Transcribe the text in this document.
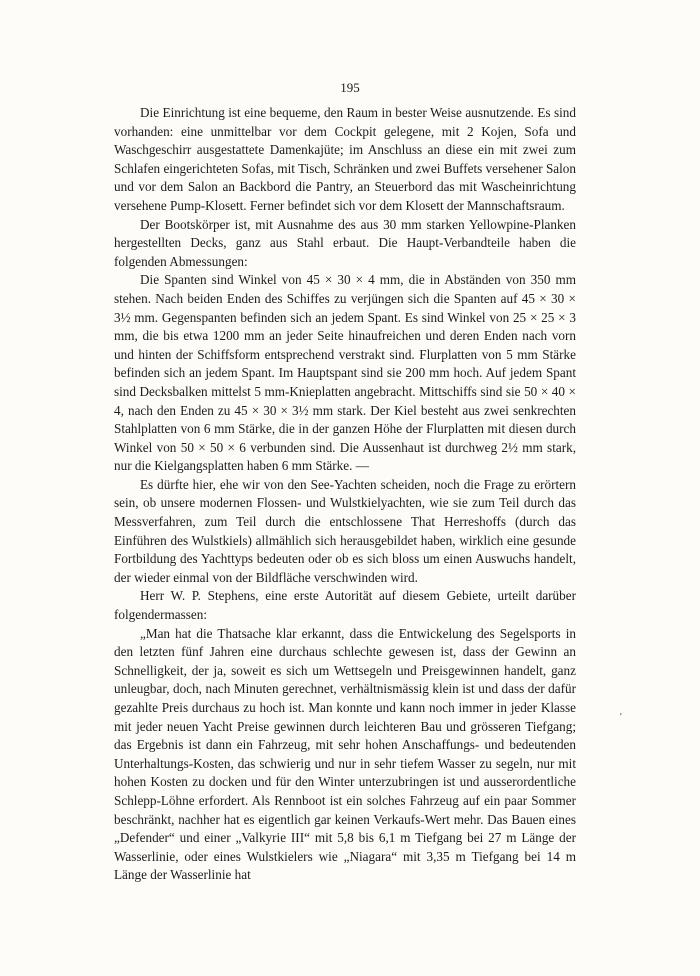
195

Die Einrichtung ist eine bequeme, den Raum in bester Weise ausnutzende. Es sind vorhanden: eine unmittelbar vor dem Cockpit gelegene, mit 2 Kojen, Sofa und Waschgeschirr ausgestattete Damenkajüte; im Anschluss an diese ein mit zwei zum Schlafen eingerichteten Sofas, mit Tisch, Schränken und zwei Buffets versehener Salon und vor dem Salon an Backbord die Pantry, an Steuerbord das mit Wascheinrichtung versehene Pump-Klosett. Ferner befindet sich vor dem Klosett der Mannschaftsraum.

Der Bootskörper ist, mit Ausnahme des aus 30 mm starken Yellowpine-Planken hergestellten Decks, ganz aus Stahl erbaut. Die Haupt-Verbandteile haben die folgenden Abmessungen:

Die Spanten sind Winkel von 45 × 30 × 4 mm, die in Abständen von 350 mm stehen. Nach beiden Enden des Schiffes zu verjüngen sich die Spanten auf 45 × 30 × 3½ mm. Gegenspanten befinden sich an jedem Spant. Es sind Winkel von 25 × 25 × 3 mm, die bis etwa 1200 mm an jeder Seite hinaufreichen und deren Enden nach vorn und hinten der Schiffsform entsprechend verstrakt sind. Flurplatten von 5 mm Stärke befinden sich an jedem Spant. Im Hauptspant sind sie 200 mm hoch. Auf jedem Spant sind Decksbalken mittelst 5 mm-Knieplatten angebracht. Mittschiffs sind sie 50 × 40 × 4, nach den Enden zu 45 × 30 × 3½ mm stark. Der Kiel besteht aus zwei senkrechten Stahlplatten von 6 mm Stärke, die in der ganzen Höhe der Flurplatten mit diesen durch Winkel von 50 × 50 × 6 verbunden sind. Die Aussenhaut ist durchweg 2½ mm stark, nur die Kielgangsplatten haben 6 mm Stärke. —

Es dürfte hier, ehe wir von den See-Yachten scheiden, noch die Frage zu erörtern sein, ob unsere modernen Flossen- und Wulstkielyachten, wie sie zum Teil durch das Messverfahren, zum Teil durch die entschlossene That Herreshoffs (durch das Einführen des Wulstkiels) allmählich sich herausgebildet haben, wirklich eine gesunde Fortbildung des Yachttyps bedeuten oder ob es sich bloss um einen Auswuchs handelt, der wieder einmal von der Bildfläche verschwinden wird.

Herr W. P. Stephens, eine erste Autorität auf diesem Gebiete, urteilt darüber folgendermassen:

„Man hat die Thatsache klar erkannt, dass die Entwickelung des Segelsports in den letzten fünf Jahren eine durchaus schlechte gewesen ist, dass der Gewinn an Schnelligkeit, der ja, soweit es sich um Wettsegeln und Preisgewinnen handelt, ganz unleugbar, doch, nach Minuten gerechnet, verhältnismässig klein ist und dass der dafür gezahlte Preis durchaus zu hoch ist. Man konnte und kann noch immer in jeder Klasse mit jeder neuen Yacht Preise gewinnen durch leichteren Bau und grösseren Tiefgang; das Ergebnis ist dann ein Fahrzeug, mit sehr hohen Anschaffungs- und bedeutenden Unterhaltungs-Kosten, das schwierig und nur in sehr tiefem Wasser zu segeln, nur mit hohen Kosten zu docken und für den Winter unterzubringen ist und ausserordentliche Schlepp-Löhne erfordert. Als Rennboot ist ein solches Fahrzeug auf ein paar Sommer beschränkt, nachher hat es eigentlich gar keinen Verkaufs-Wert mehr. Das Bauen eines „Defender“ und einer „Valkyrie III“ mit 5,8 bis 6,1 m Tiefgang bei 27 m Länge der Wasserlinie, oder eines Wulstkielers wie „Niagara“ mit 3,35 m Tiefgang bei 14 m Länge der Wasserlinie hat

'
